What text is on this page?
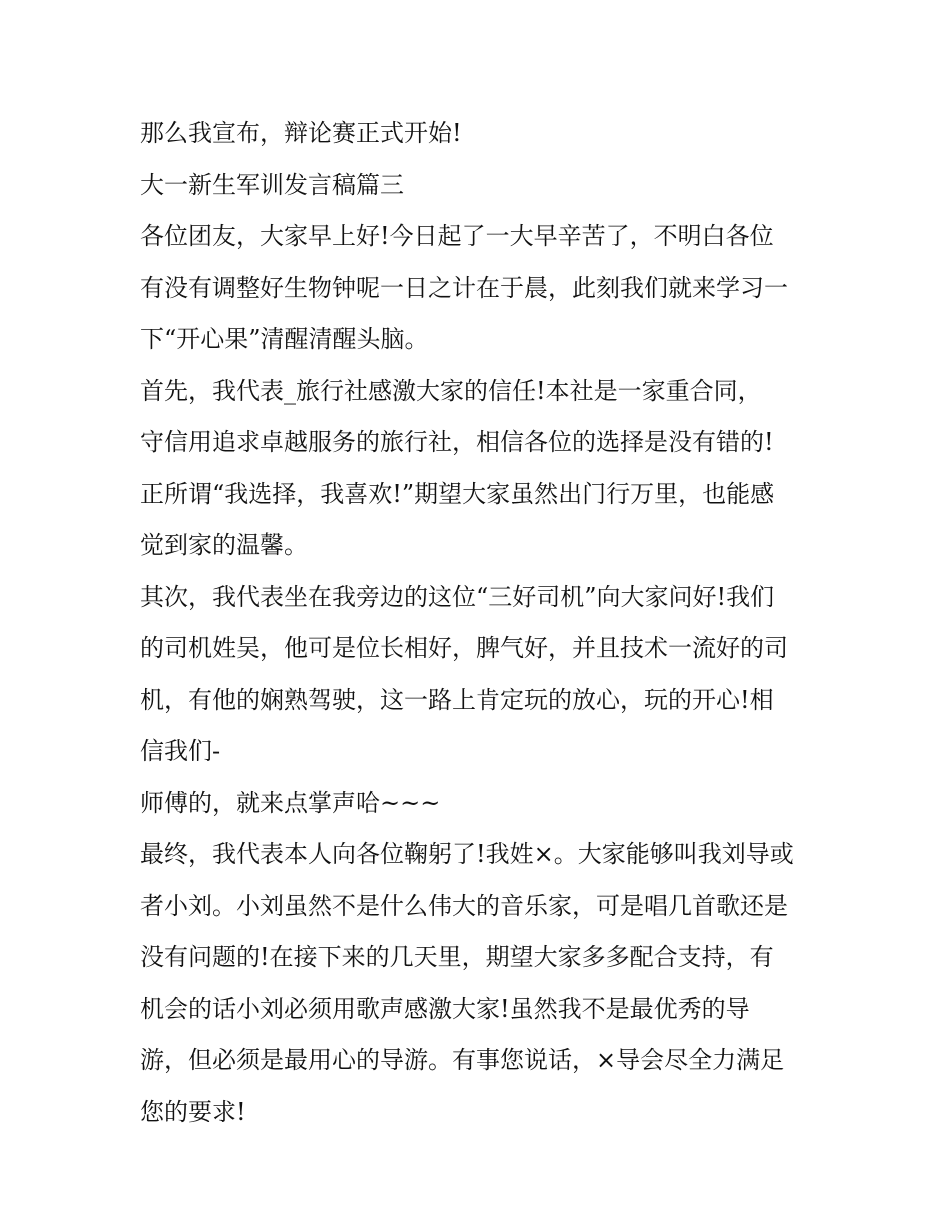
那么我宣布，辩论赛正式开始!

大一新生军训发言稿篇三

各位团友，大家早上好!今日起了一大早辛苦了，不明白各位

有没有调整好生物钟呢一日之计在于晨，此刻我们就来学习一

下“开心果”清醒清醒头脑。

首先，我代表_旅行社感激大家的信任!本社是一家重合同，

守信用追求卓越服务的旅行社，相信各位的选择是没有错的!

正所谓“我选择，我喜欢!”期望大家虽然出门行万里，也能感

觉到家的温馨。

其次，我代表坐在我旁边的这位“三好司机”向大家问好!我们

的司机姓吴，他可是位长相好，脾气好，并且技术一流好的司

机，有他的娴熟驾驶，这一路上肯定玩的放心，玩的开心!相

信我们-

师傅的，就来点掌声哈~~~

最终，我代表本人向各位鞠躬了!我姓×。大家能够叫我刘导或

者小刘。小刘虽然不是什么伟大的音乐家，可是唱几首歌还是

没有问题的!在接下来的几天里，期望大家多多配合支持，有

机会的话小刘必须用歌声感激大家!虽然我不是最优秀的导

游，但必须是最用心的导游。有事您说话，×导会尽全力满足

您的要求!
